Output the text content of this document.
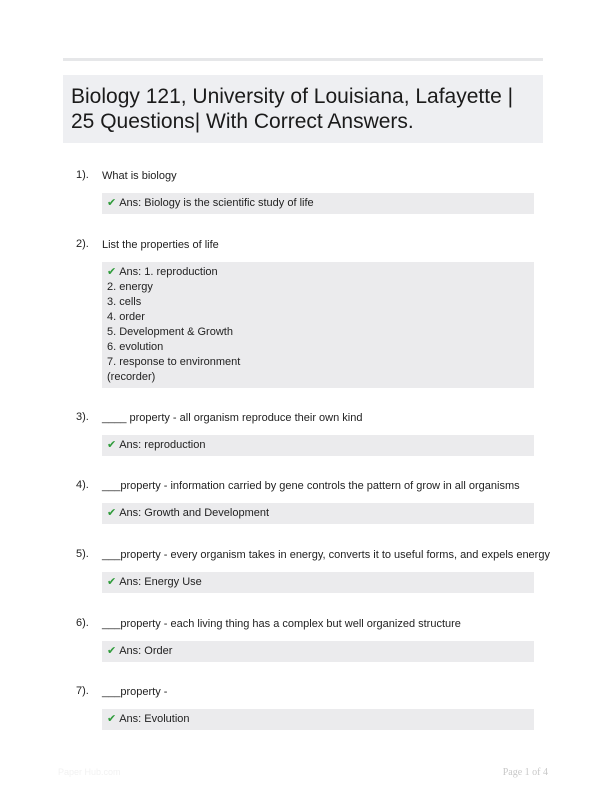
Biology 121, University of Louisiana, Lafayette | 25 Questions| With Correct Answers.
1). What is biology
✔ Ans: Biology is the scientific study of life
2). List the properties of life
✔ Ans: 1. reproduction
2. energy
3. cells
4. order
5. Development & Growth
6. evolution
7. response to environment
(recorder)
3). ____ property - all organism reproduce their own kind
✔ Ans: reproduction
4). ___property - information carried by gene controls the pattern of grow in all organisms
✔ Ans: Growth and Development
5). ___property - every organism takes in energy, converts it to useful forms, and expels energy
✔ Ans: Energy Use
6). ___property - each living thing has a complex but well organized structure
✔ Ans: Order
7). ___property -
✔ Ans: Evolution
Paper Hub.com	Page 1 of 4
